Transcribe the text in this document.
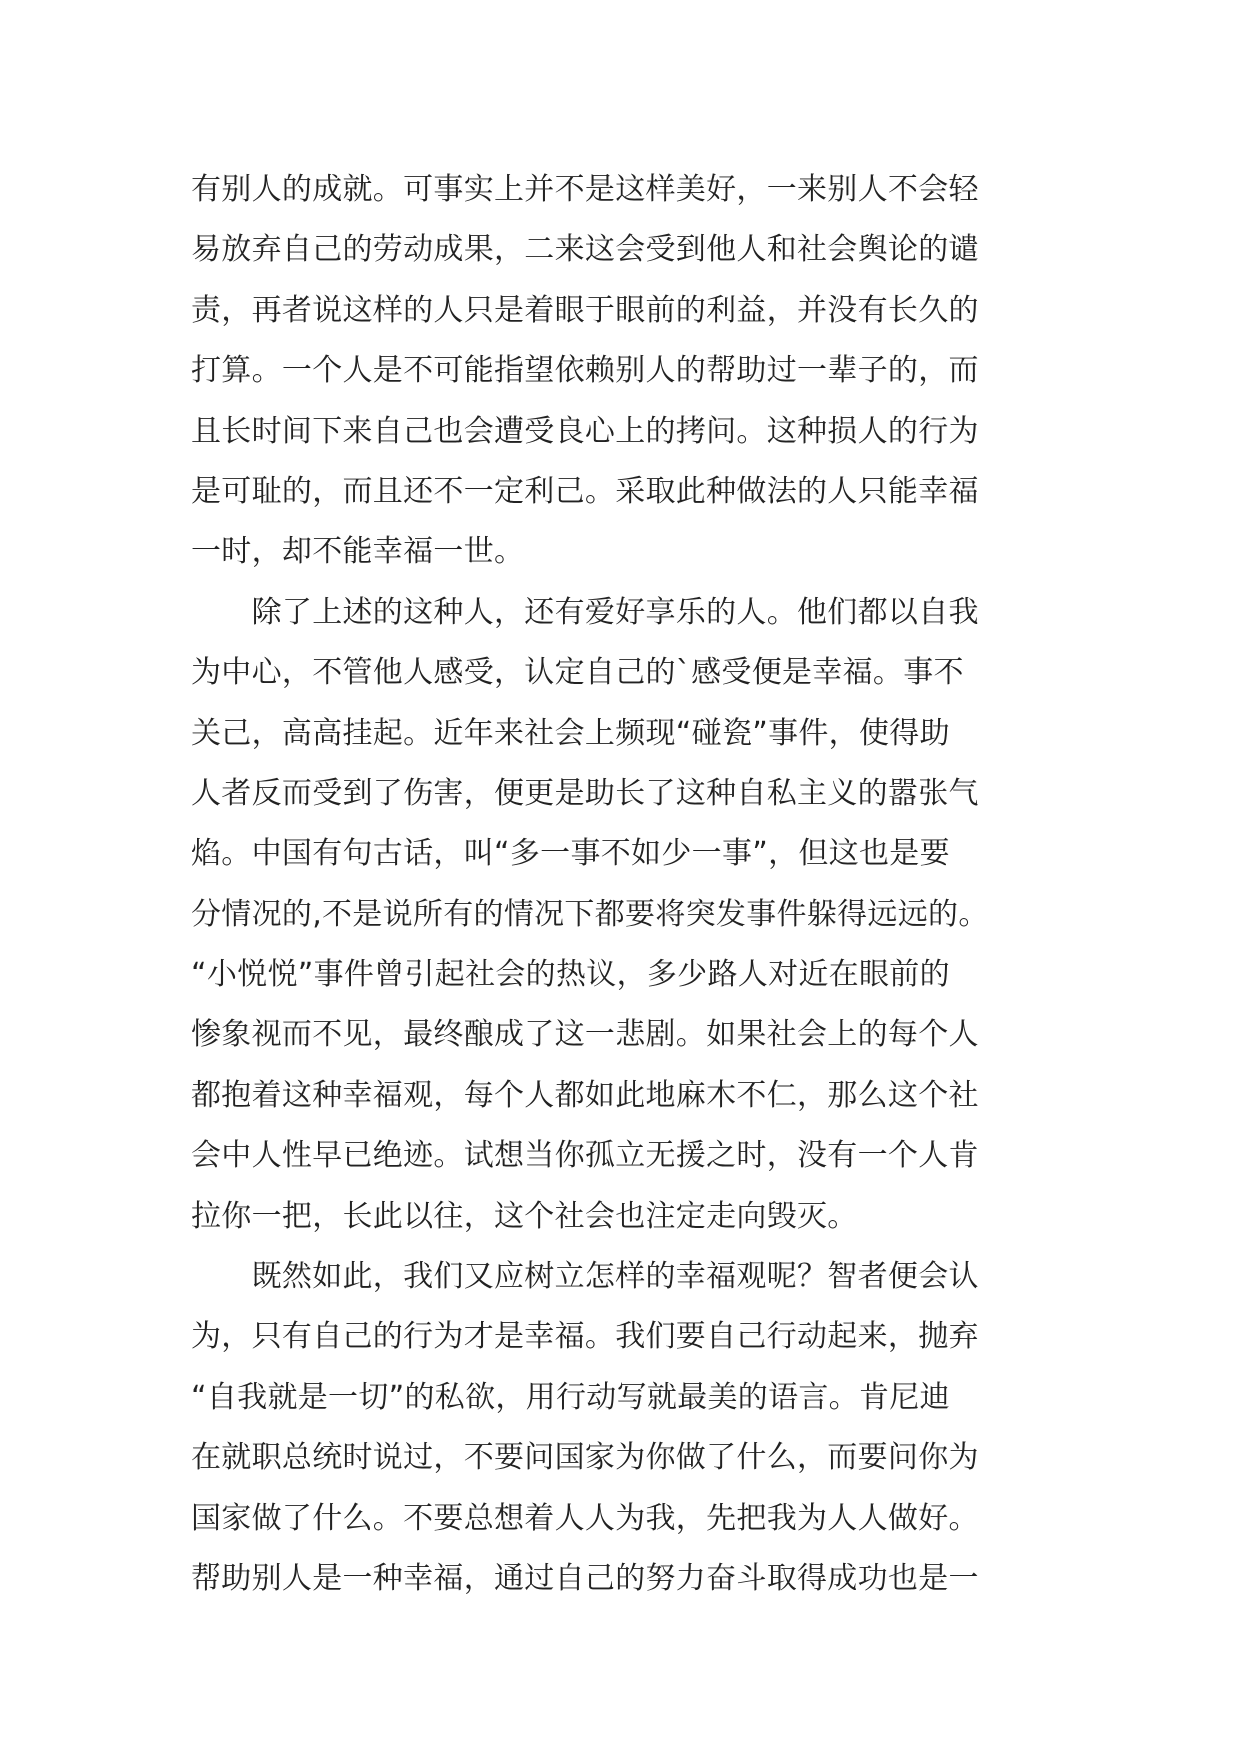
有别人的成就。可事实上并不是这样美好，一来别人不会轻
易放弃自己的劳动成果，二来这会受到他人和社会舆论的谴
责，再者说这样的人只是着眼于眼前的利益，并没有长久的
打算。一个人是不可能指望依赖别人的帮助过一辈子的，而
且长时间下来自己也会遭受良心上的拷问。这种损人的行为
是可耻的，而且还不一定利己。采取此种做法的人只能幸福
一时，却不能幸福一世。
　　除了上述的这种人，还有爱好享乐的人。他们都以自我
为中心，不管他人感受，认定自己的`感受便是幸福。事不
关己，高高挂起。近年来社会上频现“碰瓷”事件，使得助
人者反而受到了伤害，便更是助长了这种自私主义的嚣张气
焰。中国有句古话，叫“多一事不如少一事”，但这也是要
分情况的,不是说所有的情况下都要将突发事件躲得远远的。
“小悦悦”事件曾引起社会的热议，多少路人对近在眼前的
惨象视而不见，最终酿成了这一悲剧。如果社会上的每个人
都抱着这种幸福观，每个人都如此地麻木不仁，那么这个社
会中人性早已绝迹。试想当你孤立无援之时，没有一个人肯
拉你一把，长此以往，这个社会也注定走向毁灭。
　　既然如此，我们又应树立怎样的幸福观呢？智者便会认
为，只有自己的行为才是幸福。我们要自己行动起来，抛弃
“自我就是一切”的私欲，用行动写就最美的语言。肯尼迪
在就职总统时说过，不要问国家为你做了什么，而要问你为
国家做了什么。不要总想着人人为我，先把我为人人做好。
帮助别人是一种幸福，通过自己的努力奋斗取得成功也是一
